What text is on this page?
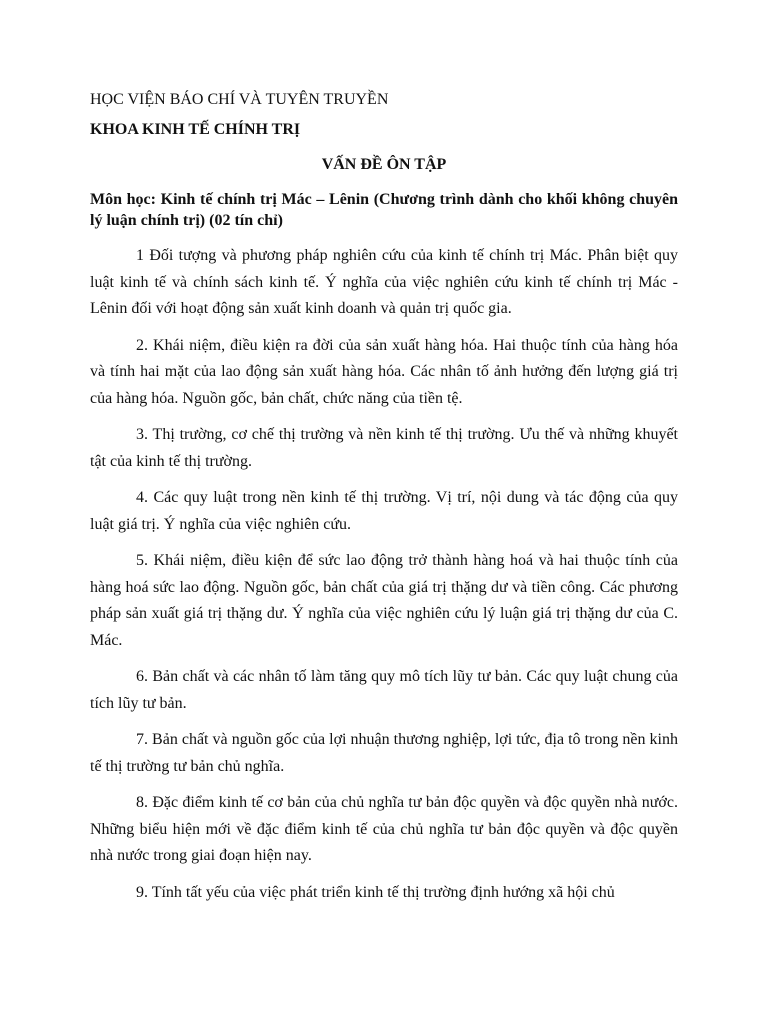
HỌC VIỆN BÁO CHÍ VÀ TUYÊN TRUYỀN

KHOA KINH TẾ CHÍNH TRỊ

VẤN ĐỀ ÔN TẬP

Môn học: Kinh tế chính trị Mác – Lênin (Chương trình dành cho khối không chuyên lý luận chính trị) (02 tín chỉ)

1 Đối tượng và phương pháp nghiên cứu của kinh tế chính trị Mác. Phân biệt quy luật kinh tế và chính sách kinh tế. Ý nghĩa của việc nghiên cứu kinh tế chính trị Mác - Lênin đối với hoạt động sản xuất kinh doanh và quản trị quốc gia.

2. Khái niệm, điều kiện ra đời của sản xuất hàng hóa. Hai thuộc tính của hàng hóa và tính hai mặt của lao động sản xuất hàng hóa. Các nhân tố ảnh hưởng đến lượng giá trị của hàng hóa. Nguồn gốc, bản chất, chức năng của tiền tệ.

3. Thị trường, cơ chế thị trường và nền kinh tế thị trường. Ưu thế và những khuyết tật của kinh tế thị trường.

4. Các quy luật trong nền kinh tế thị trường. Vị trí, nội dung và tác động của quy luật giá trị. Ý nghĩa của việc nghiên cứu.

5. Khái niệm, điều kiện để sức lao động trở thành hàng hoá và hai thuộc tính của hàng hoá sức lao động. Nguồn gốc, bản chất của giá trị thặng dư và tiền công. Các phương pháp sản xuất giá trị thặng dư. Ý nghĩa của việc nghiên cứu lý luận giá trị thặng dư của C. Mác.

6. Bản chất và các nhân tố làm tăng quy mô tích lũy tư bản. Các quy luật chung của tích lũy tư bản.

7. Bản chất và nguồn gốc của lợi nhuận thương nghiệp, lợi tức, địa tô trong nền kinh tế thị trường tư bản chủ nghĩa.

8. Đặc điểm kinh tế cơ bản của chủ nghĩa tư bản độc quyền và độc quyền nhà nước. Những biểu hiện mới về đặc điểm kinh tế của chủ nghĩa tư bản độc quyền và độc quyền nhà nước trong giai đoạn hiện nay.

9. Tính tất yếu của việc phát triển kinh tế thị trường định hướng xã hội chủ
